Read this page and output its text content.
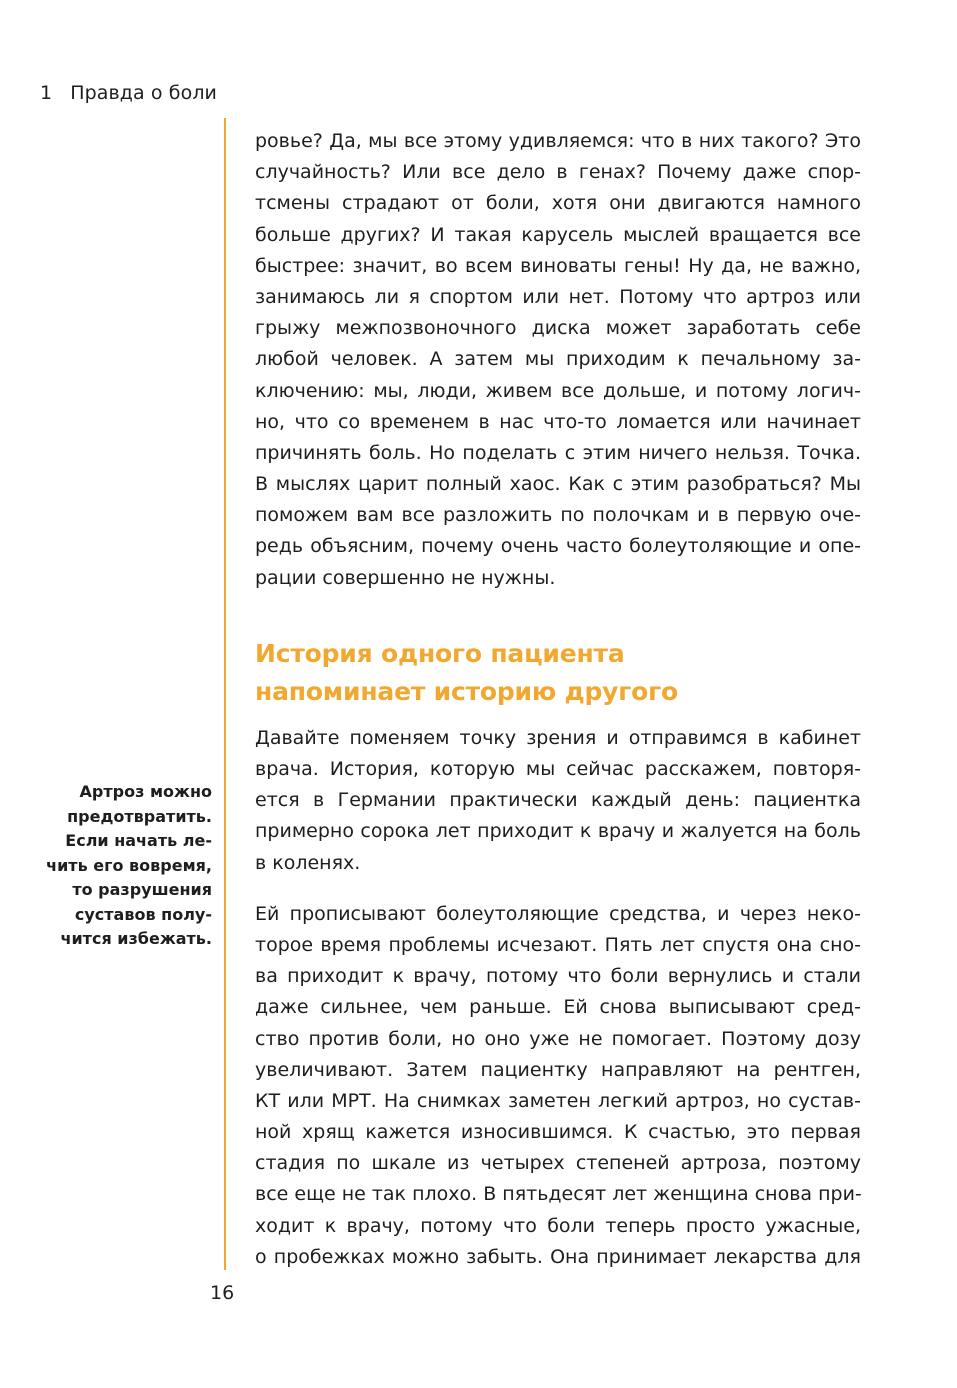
1 Правда о боли
Артроз можно
предотвратить.
Если начать ле-
чить его вовремя,
то разрушения
суставов полу-
чится избежать.
ровье? Да, мы все этому удивляемся: что в них такого? Это
случайность? Или все дело в генах? Почему даже спор-
тсмены страдают от боли, хотя они двигаются намного
больше других? И такая карусель мыслей вращается все
быстрее: значит, во всем виноваты гены! Ну да, не важно,
занимаюсь ли я спортом или нет. Потому что артроз или
грыжу межпозвоночного диска может заработать себе
любой человек. А затем мы приходим к печальному за-
ключению: мы, люди, живем все дольше, и потому логич-
но, что со временем в нас что-то ломается или начинает
причинять боль. Но поделать с этим ничего нельзя. Точка.
В мыслях царит полный хаос. Как с этим разобраться? Мы
поможем вам все разложить по полочкам и в первую оче-
редь объясним, почему очень часто болеутоляющие и опе-
рации совершенно не нужны.
История одного пациента
напоминает историю другого
Давайте поменяем точку зрения и отправимся в кабинет
врача. История, которую мы сейчас расскажем, повторя-
ется в Германии практически каждый день: пациентка
примерно сорока лет приходит к врачу и жалуется на боль
в коленях.
Ей прописывают болеутоляющие средства, и через неко-
торое время проблемы исчезают. Пять лет спустя она сно-
ва приходит к врачу, потому что боли вернулись и стали
даже сильнее, чем раньше. Ей снова выписывают сред-
ство против боли, но оно уже не помогает. Поэтому дозу
увеличивают. Затем пациентку направляют на рентген,
КТ или МРТ. На снимках заметен легкий артроз, но сустав-
ной хрящ кажется износившимся. К счастью, это первая
стадия по шкале из четырех степеней артроза, поэтому
все еще не так плохо. В пятьдесят лет женщина снова при-
ходит к врачу, потому что боли теперь просто ужасные,
о пробежках можно забыть. Она принимает лекарства для
16
